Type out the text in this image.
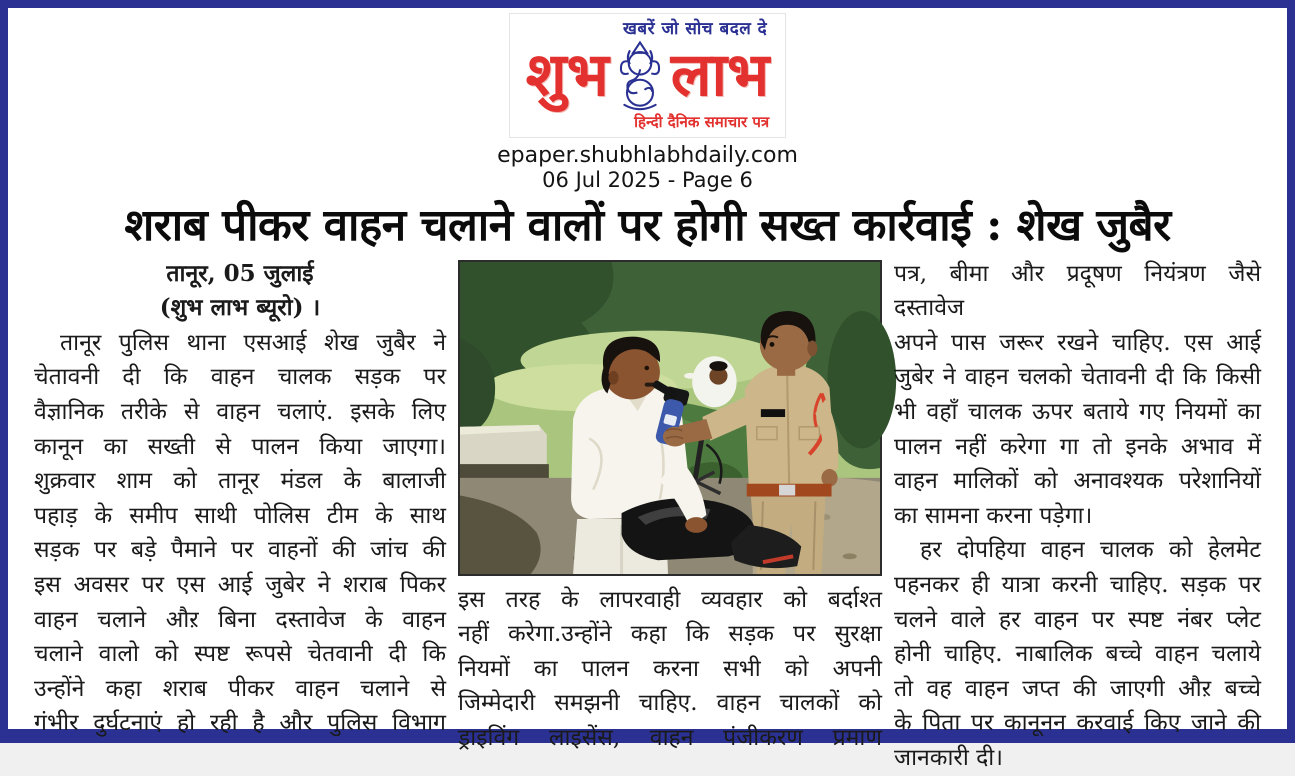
खबरें जो सोच बदल दे
शुभ लाभ
हिन्दी दैनिक समाचार पत्र
epaper.shubhlabhdaily.com
06 Jul 2025 - Page 6
शराब पीकर वाहन चलाने वालों पर होगी सख्त कार्रवाई : शेख जुबैर
तानूर, 05 जुलाई
(शुभ लाभ ब्यूरो) ।
तानूर पुलिस थाना एसआई शेख जुबैर ने
चेतावनी दी कि वाहन चालक सड़क पर
वैज्ञानिक तरीके से वाहन चलाएं. इसके लिए
कानून का सख्ती से पालन किया जाएगा।
शुक्रवार शाम को तानूर मंडल के बालाजी
पहाड़ के समीप साथी पोलिस टीम के साथ
सड़क पर बड़े पैमाने पर वाहनों की जांच की
इस अवसर पर एस आई जुबेर ने शराब पिकर
वाहन चलाने औऱ बिना दस्तावेज के वाहन
चलाने वालो को स्पष्ट रूपसे चेतवानी दी कि
उन्होंने कहा शराब पीकर वाहन चलाने से
गंभीर दुर्घटनाएं हो रही है और पुलिस विभाग
इस तरह के लापरवाही व्यवहार को बर्दाश्त
नहीं करेगा.उन्होंने कहा कि सड़क पर सुरक्षा
नियमों का पालन करना सभी को अपनी
जिम्मेदारी समझनी चाहिए. वाहन चालकों को
ड्राइविंग लाइसेंस, वाहन पंजीकरण प्रमाण
पत्र, बीमा और प्रदूषण नियंत्रण जैसे दस्तावेज
अपने पास जरूर रखने चाहिए. एस आई
जुबेर ने वाहन चलको चेतावनी दी कि किसी
भी वहाँ चालक ऊपर बताये गए नियमों का
पालन नहीं करेगा गा तो इनके अभाव में
वाहन मालिकों को अनावश्यक परेशानियों
का सामना करना पड़ेगा।
हर दोपहिया वाहन चालक को हेलमेट
पहनकर ही यात्रा करनी चाहिए. सड़क पर
चलने वाले हर वाहन पर स्पष्ट नंबर प्लेट
होनी चाहिए. नाबालिक बच्चे वाहन चलाये
तो वह वाहन जप्त की जाएगी औऱ बच्चे
के पिता पर कानूनन करवाई किए जाने की
जानकारी दी।
